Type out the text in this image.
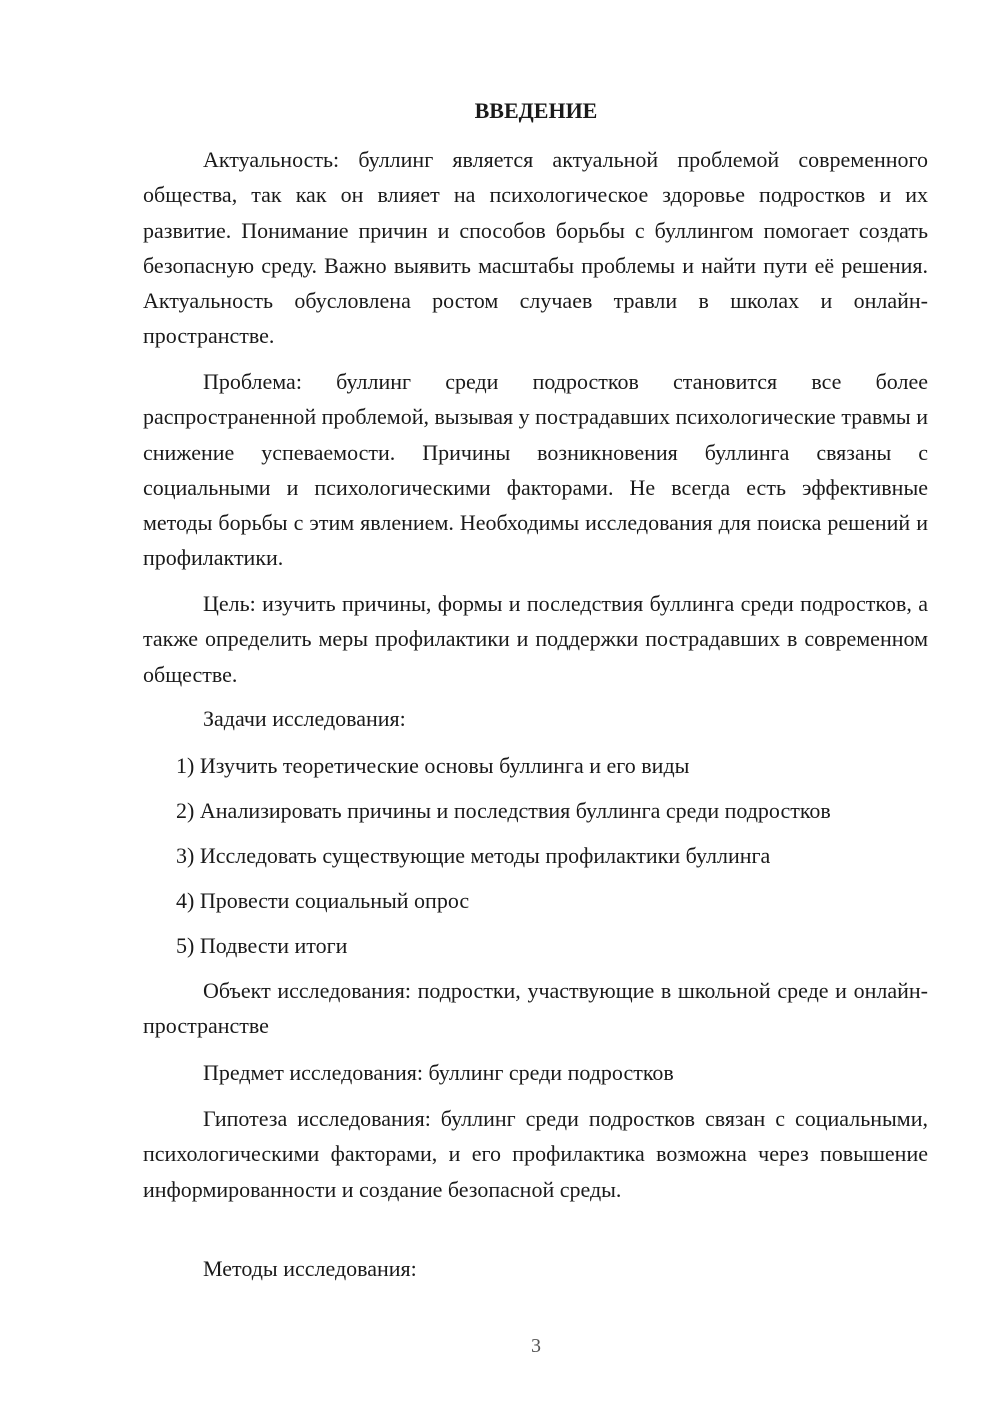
ВВЕДЕНИЕ

Актуальность: буллинг является актуальной проблемой современного общества, так как он влияет на психологическое здоровье подростков и их развитие. Понимание причин и способов борьбы с буллингом помогает создать безопасную среду. Важно выявить масштабы проблемы и найти пути её решения. Актуальность обусловлена ростом случаев травли в школах и онлайн-пространстве.

Проблема: буллинг среди подростков становится все более распространенной проблемой, вызывая у пострадавших психологические травмы и снижение успеваемости. Причины возникновения буллинга связаны с социальными и психологическими факторами. Не всегда есть эффективные методы борьбы с этим явлением. Необходимы исследования для поиска решений и профилактики.

Цель: изучить причины, формы и последствия буллинга среди подростков, а также определить меры профилактики и поддержки пострадавших в современном обществе.

Задачи исследования:

1) Изучить теоретические основы буллинга и его виды
2) Анализировать причины и последствия буллинга среди подростков
3) Исследовать существующие методы профилактики буллинга
4) Провести социальный опрос
5) Подвести итоги

Объект исследования: подростки, участвующие в школьной среде и онлайн-пространстве

Предмет исследования: буллинг среди подростков

Гипотеза исследования: буллинг среди подростков связан с социальными, психологическими факторами, и его профилактика возможна через повышение информированности и создание безопасной среды.

Методы исследования:

3
